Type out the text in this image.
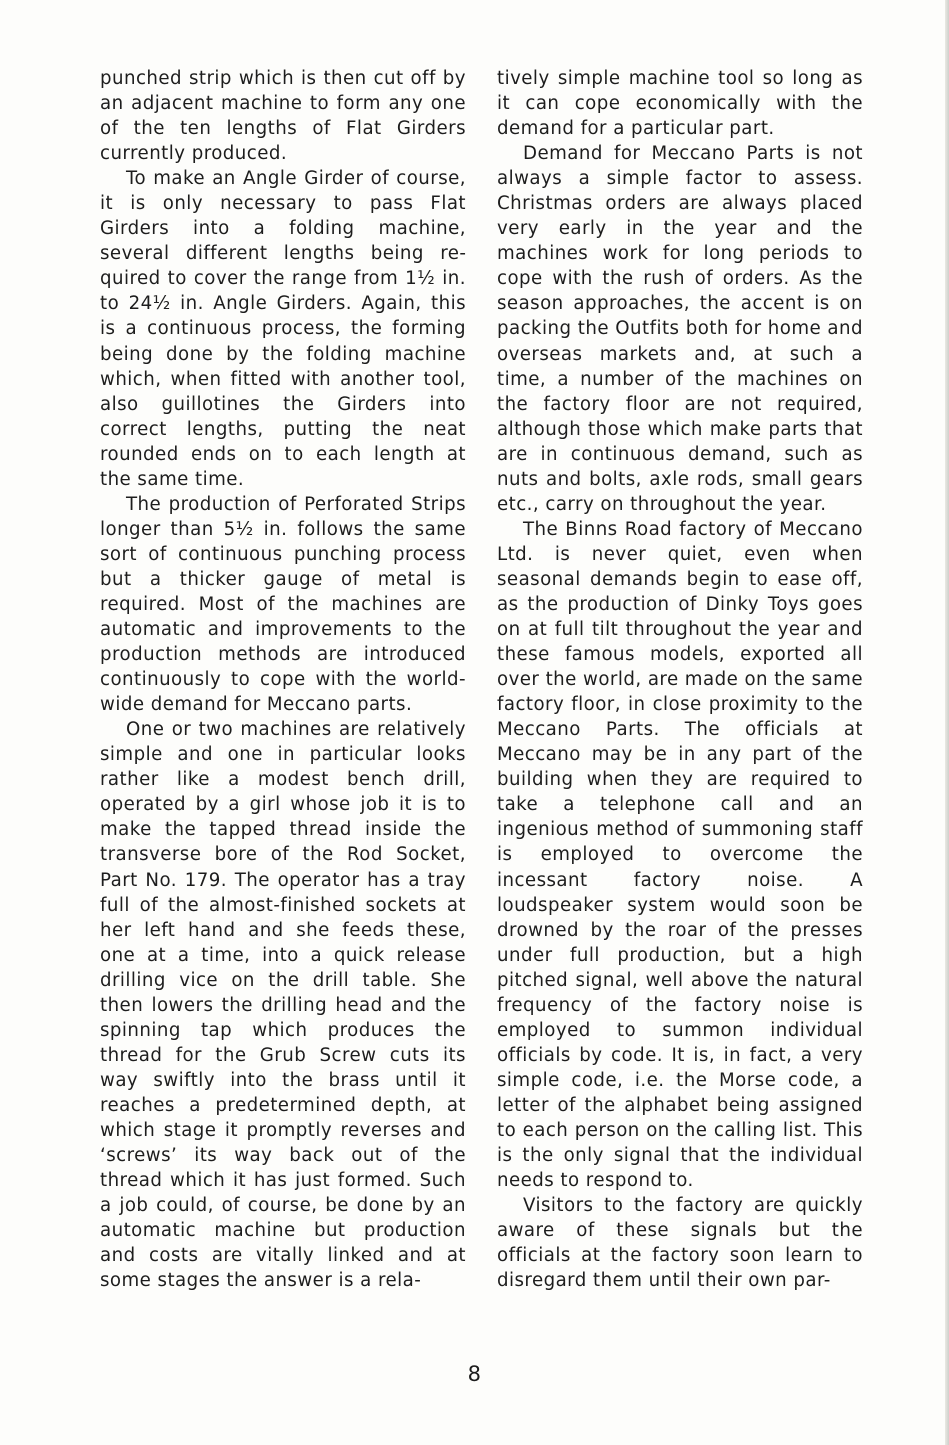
punched strip which is then cut off by an adjacent machine to form any one of the ten lengths of Flat Girders currently produced.

To make an Angle Girder of course, it is only necessary to pass Flat Girders into a folding machine, several different lengths being required to cover the range from 1½ in. to 24½ in. Angle Girders. Again, this is a continuous process, the forming being done by the folding machine which, when fitted with another tool, also guillotines the Girders into correct lengths, putting the neat rounded ends on to each length at the same time.

The production of Perforated Strips longer than 5½ in. follows the same sort of continuous punching process but a thicker gauge of metal is required. Most of the machines are automatic and improvements to the production methods are introduced continuously to cope with the world-wide demand for Meccano parts.

One or two machines are relatively simple and one in particular looks rather like a modest bench drill, operated by a girl whose job it is to make the tapped thread inside the transverse bore of the Rod Socket, Part No. 179. The operator has a tray full of the almost-finished sockets at her left hand and she feeds these, one at a time, into a quick release drilling vice on the drill table. She then lowers the drilling head and the spinning tap which produces the thread for the Grub Screw cuts its way swiftly into the brass until it reaches a predetermined depth, at which stage it promptly reverses and ‘screws’ its way back out of the thread which it has just formed. Such a job could, of course, be done by an automatic machine but production and costs are vitally linked and at some stages the answer is a rela-

tively simple machine tool so long as it can cope economically with the demand for a particular part.

Demand for Meccano Parts is not always a simple factor to assess. Christmas orders are always placed very early in the year and the machines work for long periods to cope with the rush of orders. As the season approaches, the accent is on packing the Outfits both for home and overseas markets and, at such a time, a number of the machines on the factory floor are not required, although those which make parts that are in continuous demand, such as nuts and bolts, axle rods, small gears etc., carry on throughout the year.

The Binns Road factory of Meccano Ltd. is never quiet, even when seasonal demands begin to ease off, as the production of Dinky Toys goes on at full tilt throughout the year and these famous models, exported all over the world, are made on the same factory floor, in close proximity to the Meccano Parts. The officials at Meccano may be in any part of the building when they are required to take a telephone call and an ingenious method of summoning staff is employed to overcome the incessant factory noise. A loudspeaker system would soon be drowned by the roar of the presses under full production, but a high pitched signal, well above the natural frequency of the factory noise is employed to summon individual officials by code. It is, in fact, a very simple code, i.e. the Morse code, a letter of the alphabet being assigned to each person on the calling list. This is the only signal that the individual needs to respond to.

Visitors to the factory are quickly aware of these signals but the officials at the factory soon learn to disregard them until their own par-

8
